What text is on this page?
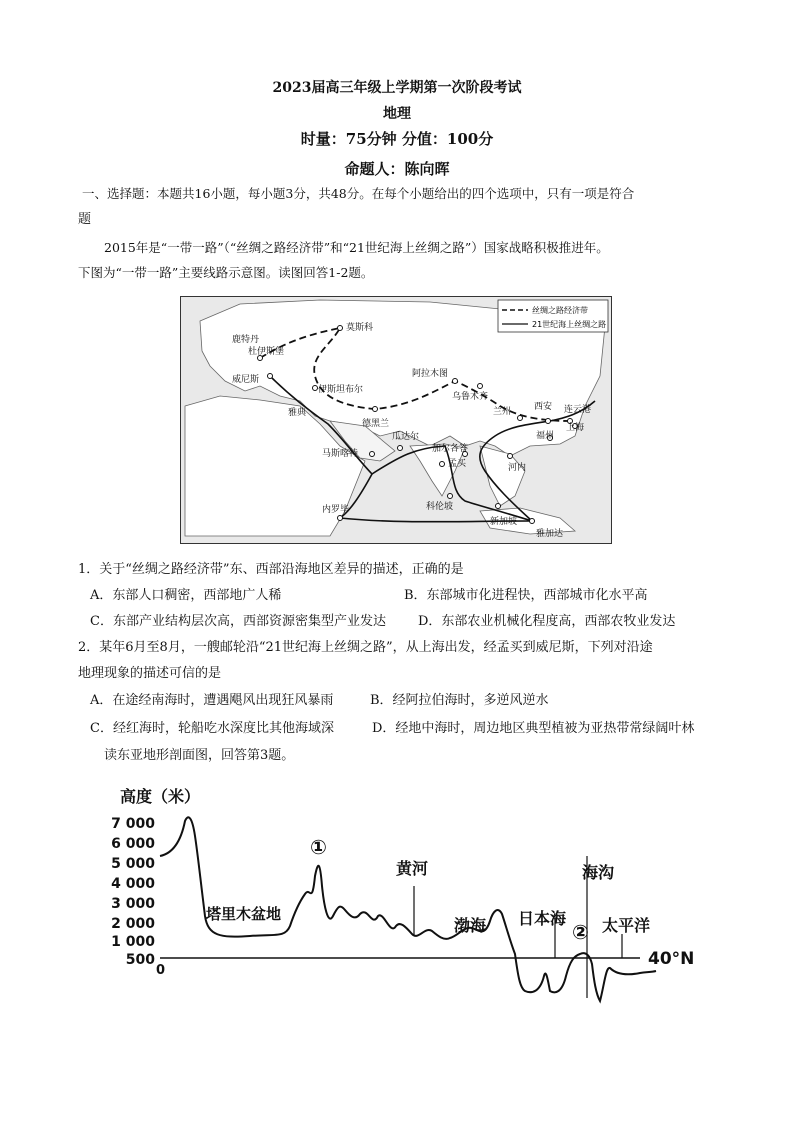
2023届高三年级上学期第一次阶段考试
地理
时量：75分钟 分值：100分
命题人：陈向晖
一、选择题：本题共16小题，每小题3分，共48分。在每个小题给出的四个选项中，只有一项是符合
题
2015年是“一带一路”（“丝绸之路经济带”和“21世纪海上丝绸之路”）国家战略积极推进年。
下图为“一带一路”主要线路示意图。读图回答1-2题。
丝绸之路经济带
21世纪海上丝绸之路
莫斯科
鹿特丹
杜伊斯堡
威尼斯
伊斯坦布尔
雅典
阿拉木图
乌鲁木齐
德黑兰
兰州	西安 连云港
上海
福州
瓜达尔
马斯喀特	加尔各答
孟买	河内
科伦坡
新加坡
内罗毕
雅加达
1．关于“丝绸之路经济带”东、西部沿海地区差异的描述，正确的是
A．东部人口稠密，西部地广人稀	B．东部城市化进程快，西部城市化水平高
C．东部产业结构层次高，西部资源密集型产业发达 D．东部农业机械化程度高，西部农牧业发达
2．某年6月至8月，一艘邮轮沿“21世纪海上丝绸之路”，从上海出发，经孟买到威尼斯，下列对沿途
地理现象的描述可信的是
A．在途经南海时，遭遇飓风出现狂风暴雨	B．经阿拉伯海时，多逆风逆水
C．经红海时，轮船吃水深度比其他海域深	D．经地中海时，周边地区典型植被为亚热带常绿阔叶林
读东亚地形剖面图，回答第3题。
高度（米）
7 000
6 000
5 000
4 000
3 000
2 000
1 000
500
0
塔里木盆地
①
黄河
渤海 日本海
②
海沟
太平洋
40°N
